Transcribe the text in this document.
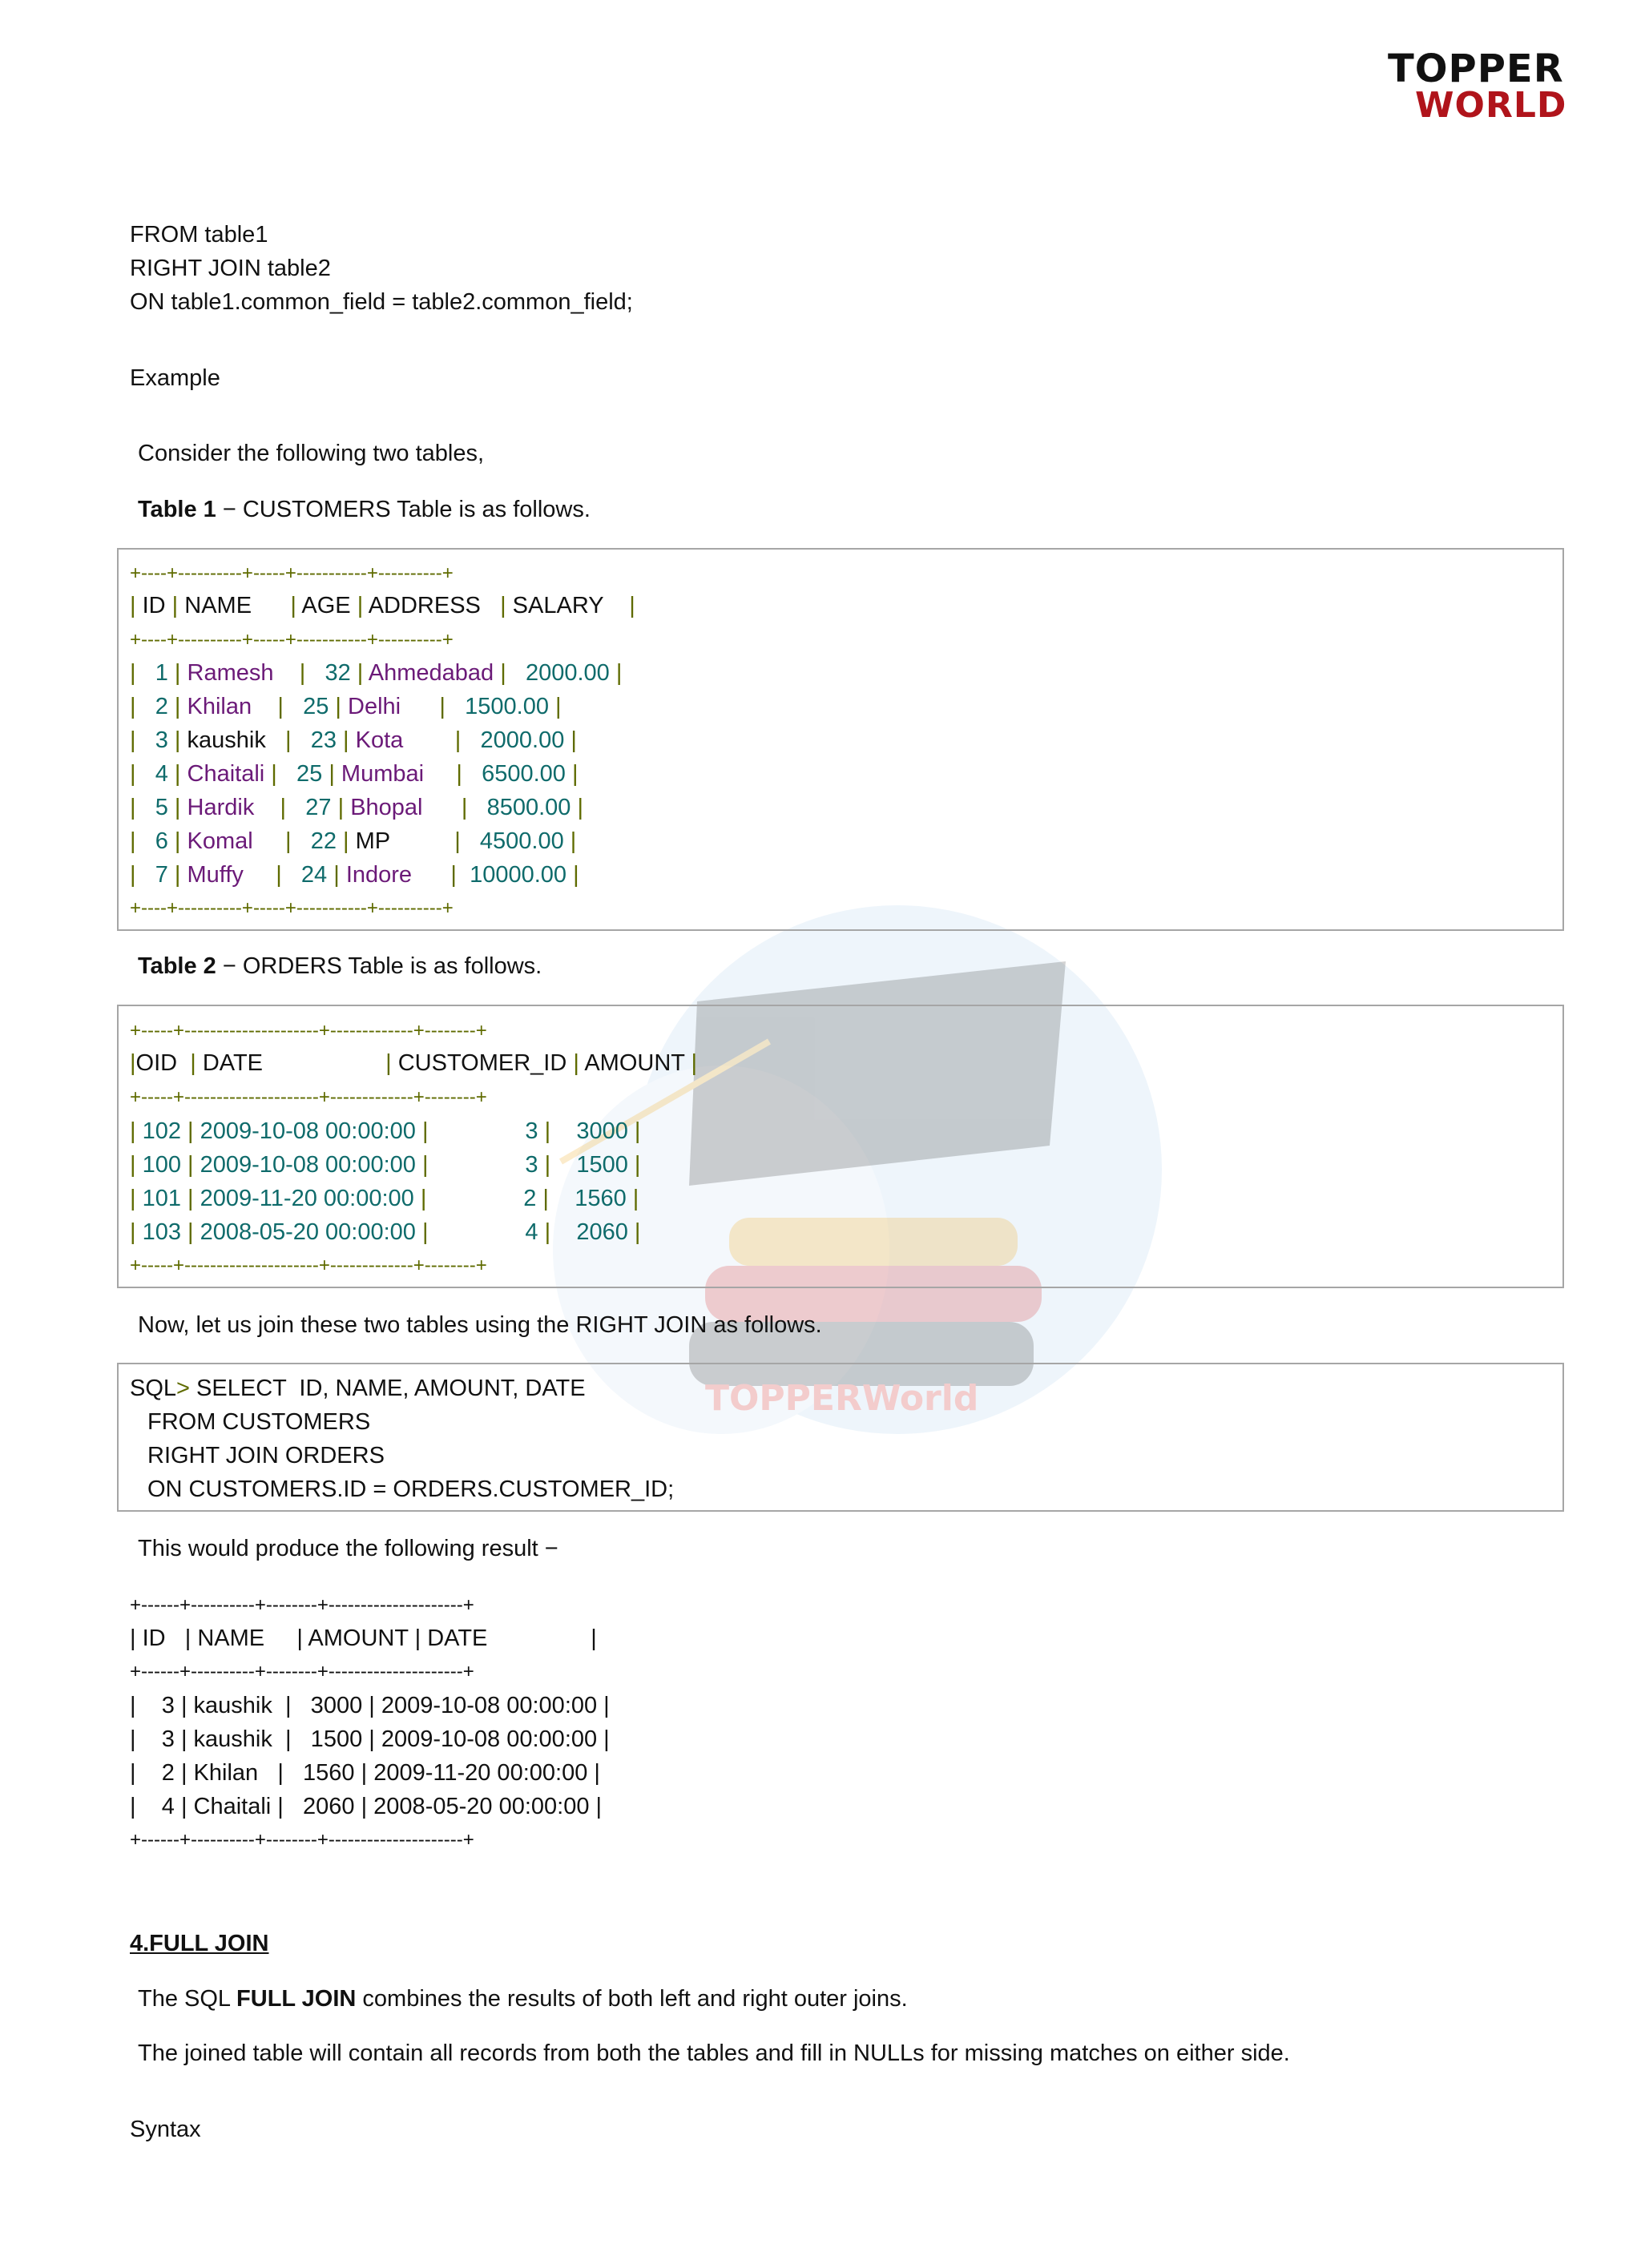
TOPPER
WORLD
TOPPERWorld
FROM table1
RIGHT JOIN table2
ON table1.common_field = table2.common_field;
Example
Consider the following two tables,
Table 1 − CUSTOMERS Table is as follows.
+----+----------+-----+-----------+----------+
| ID | NAME | AGE | ADDRESS   | SALARY    |
+----+----------+-----+-----------+----------+
|   1 | Ramesh    |   32 | Ahmedabad |   2000.00 |
|   2 | Khilan    |   25 | Delhi      |   1500.00 |
|   3 | kaushik   |   23 | Kota        |   2000.00 |
|   4 | Chaitali |   25 | Mumbai     |   6500.00 |
|   5 | Hardik    |   27 | Bhopal      |   8500.00 |
|   6 | Komal     |   22 | MP          |   4500.00 |
|   7 | Muffy     |   24 | Indore      |  10000.00 |
+----+----------+-----+-----------+----------+
Table 2 − ORDERS Table is as follows.
+-----+---------------------+-------------+--------+
|OID  | DATE                   | CUSTOMER_ID | AMOUNT |
+-----+---------------------+-------------+--------+
| 102 | 2009-10-08 00:00:00 |               3 |    3000 |
| 100 | 2009-10-08 00:00:00 |               3 |    1500 |
| 101 | 2009-11-20 00:00:00 |               2 |    1560 |
| 103 | 2008-05-20 00:00:00 |               4 |    2060 |
+-----+---------------------+-------------+--------+
Now, let us join these two tables using the RIGHT JOIN as follows.
SQL> SELECT  ID, NAME, AMOUNT, DATE
FROM CUSTOMERS
RIGHT JOIN ORDERS
ON CUSTOMERS.ID = ORDERS.CUSTOMER_ID;
This would produce the following result −
+------+----------+--------+---------------------+
| ID   | NAME     | AMOUNT | DATE                |
+------+----------+--------+---------------------+
|    3 | kaushik  |   3000 | 2009-10-08 00:00:00 |
|    3 | kaushik  |   1500 | 2009-10-08 00:00:00 |
|    2 | Khilan   |   1560 | 2009-11-20 00:00:00 |
|    4 | Chaitali |   2060 | 2008-05-20 00:00:00 |
+------+----------+--------+---------------------+
4.FULL JOIN
The SQL FULL JOIN combines the results of both left and right outer joins.
The joined table will contain all records from both the tables and fill in NULLs for missing matches on either side.
Syntax
